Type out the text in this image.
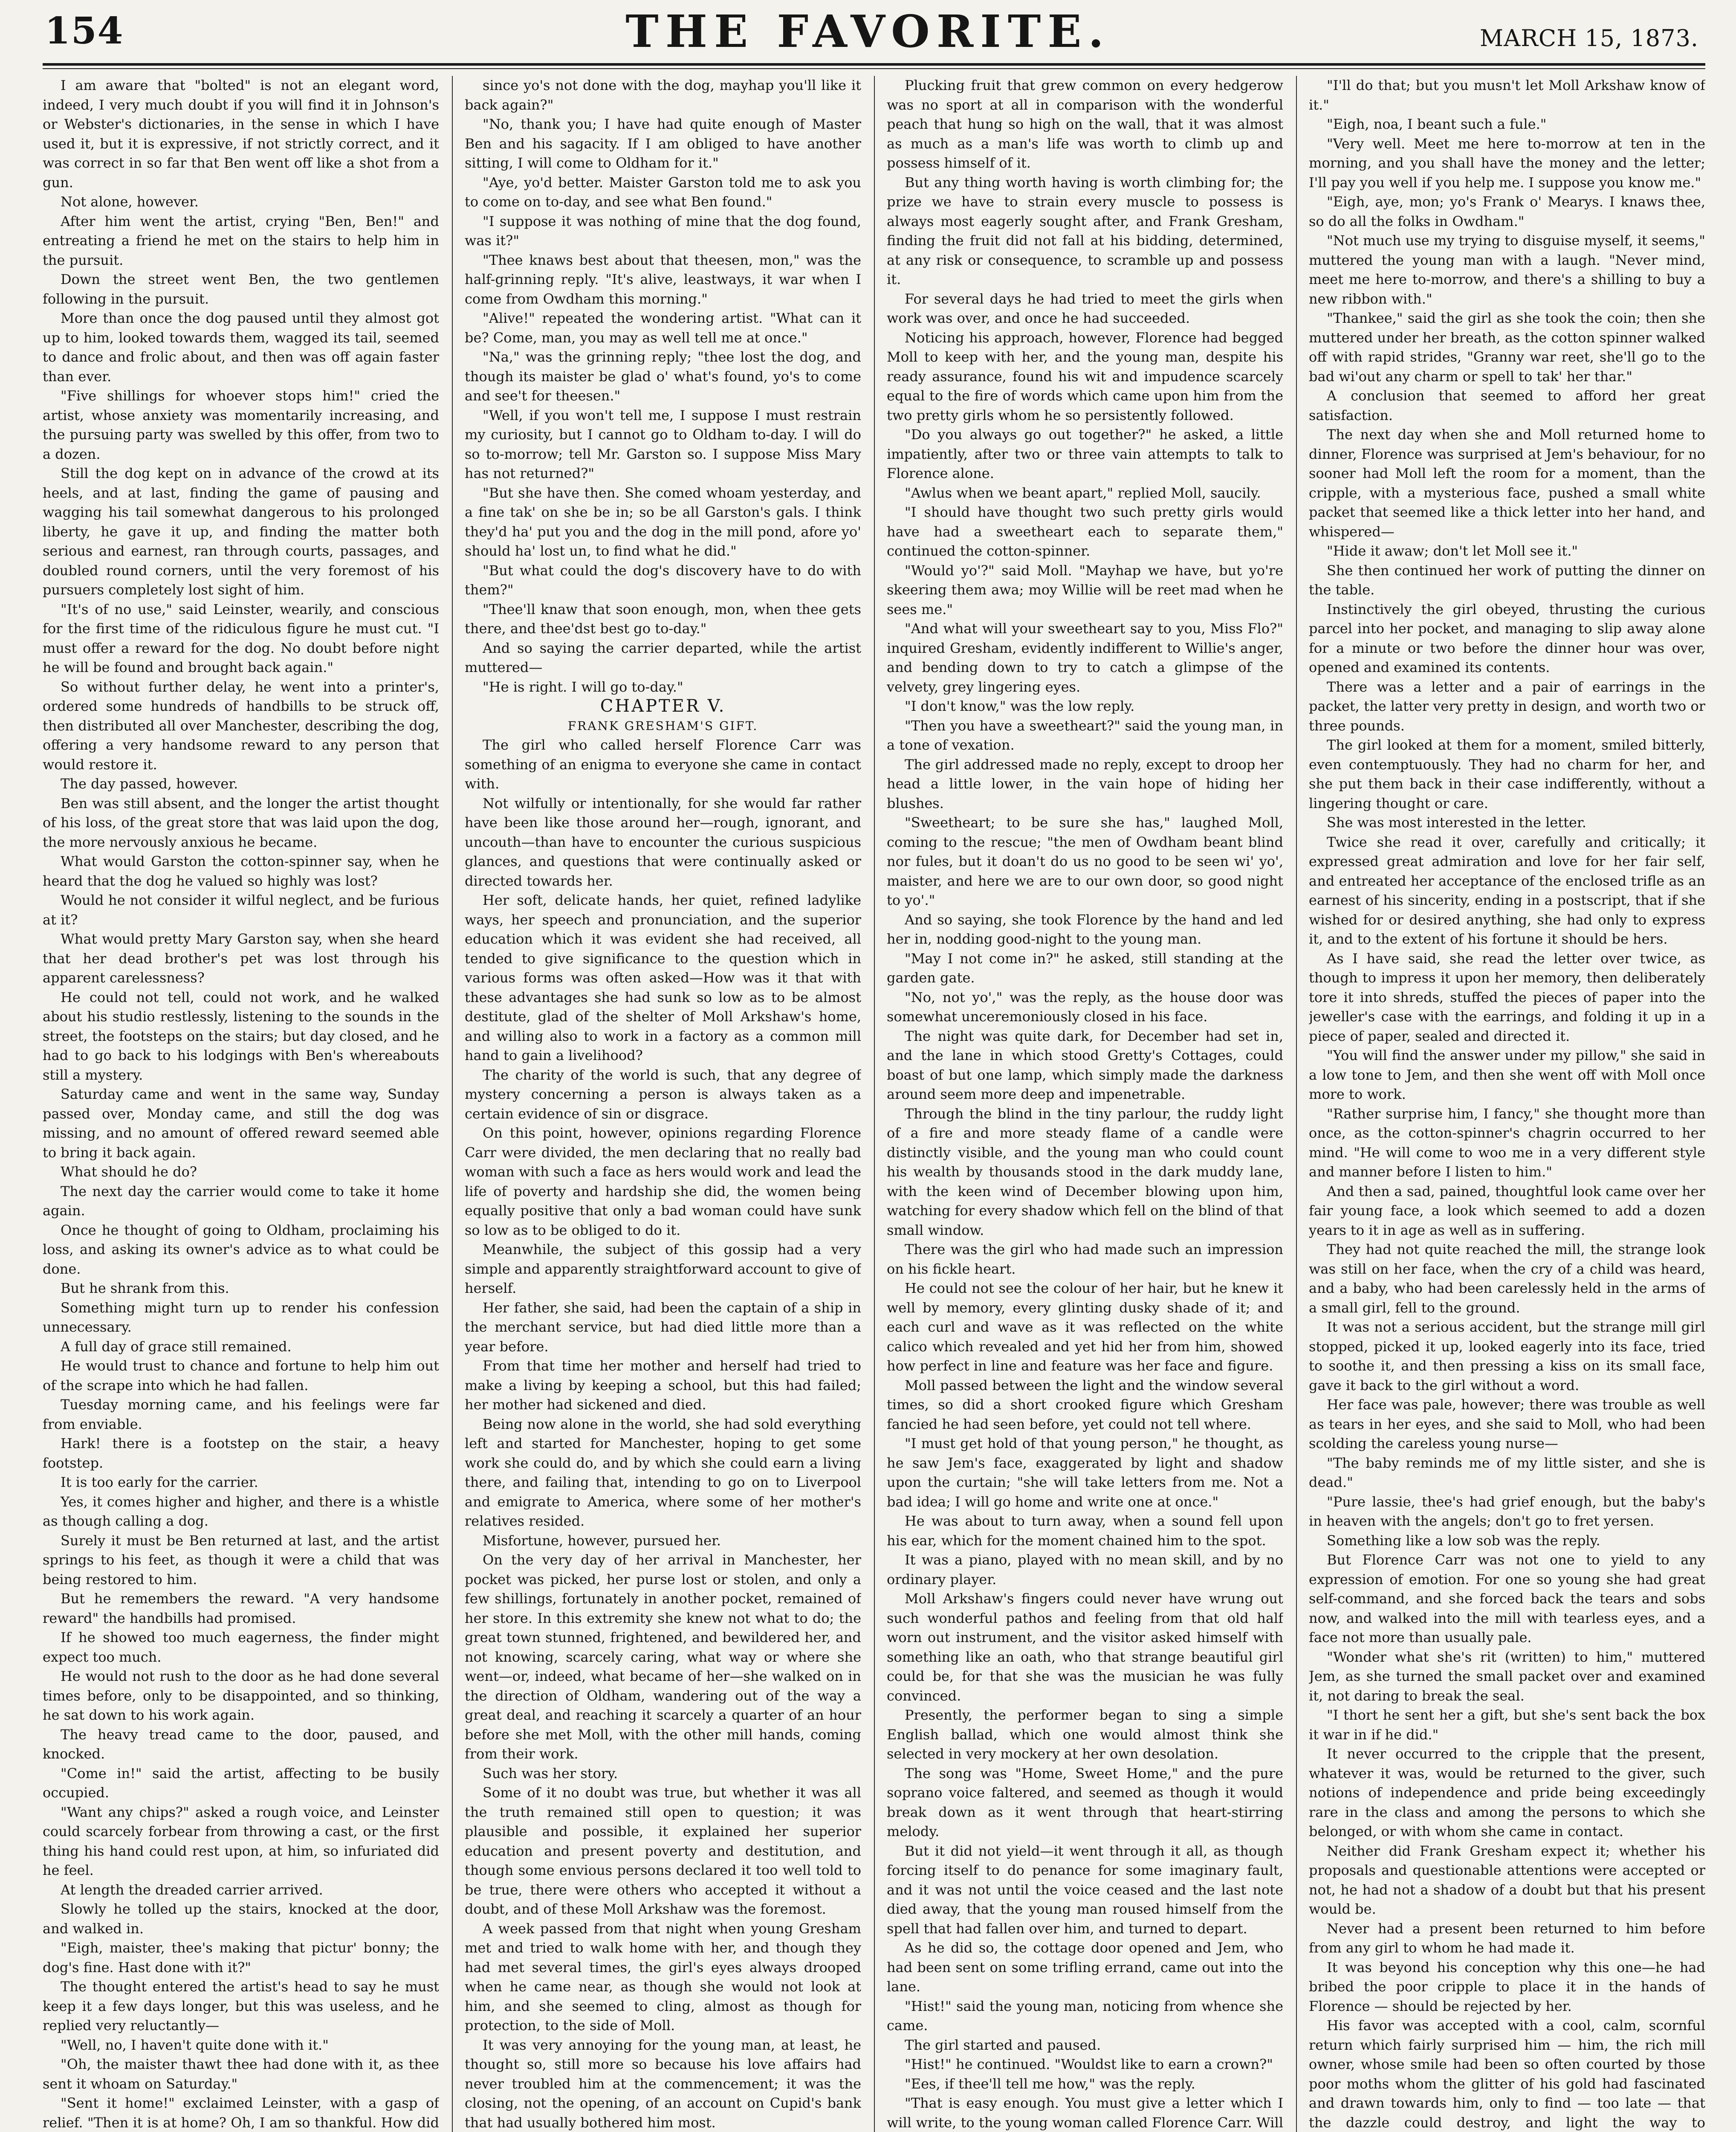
154	THE FAVORITE.	MARCH 15, 1873.

I am aware that "bolted" is not an elegant word, indeed, I very much doubt if you will find it in Johnson's or Webster's dictionaries, in the sense in which I have used it, but it is expressive, if not strictly correct, and it was correct in so far that Ben went off like a shot from a gun.

Not alone, however.

After him went the artist, crying "Ben, Ben!" and entreating a friend he met on the stairs to help him in the pursuit.

Down the street went Ben, the two gentlemen following in the pursuit.

More than once the dog paused until they almost got up to him, looked towards them, wagged its tail, seemed to dance and frolic about, and then was off again faster than ever.

"Five shillings for whoever stops him!" cried the artist, whose anxiety was momentarily increasing, and the pursuing party was swelled by this offer, from two to a dozen.

Still the dog kept on in advance of the crowd at its heels, and at last, finding the game of pausing and wagging his tail somewhat dangerous to his prolonged liberty, he gave it up, and finding the matter both serious and earnest, ran through courts, passages, and doubled round corners, until the very foremost of his pursuers completely lost sight of him.

"It's of no use," said Leinster, wearily, and conscious for the first time of the ridiculous figure he must cut. "I must offer a reward for the dog. No doubt before night he will be found and brought back again."

So without further delay, he went into a printer's, ordered some hundreds of handbills to be struck off, then distributed all over Manchester, describing the dog, offering a very handsome reward to any person that would restore it.

The day passed, however.

Ben was still absent, and the longer the artist thought of his loss, of the great store that was laid upon the dog, the more nervously anxious he became.

What would Garston the cotton-spinner say, when he heard that the dog he valued so highly was lost?

Would he not consider it wilful neglect, and be furious at it?

What would pretty Mary Garston say, when she heard that her dead brother's pet was lost through his apparent carelessness?

He could not tell, could not work, and he walked about his studio restlessly, listening to the sounds in the street, the footsteps on the stairs; but day closed, and he had to go back to his lodgings with Ben's whereabouts still a mystery.

Saturday came and went in the same way, Sunday passed over, Monday came, and still the dog was missing, and no amount of offered reward seemed able to bring it back again.

What should he do?

The next day the carrier would come to take it home again.

Once he thought of going to Oldham, proclaiming his loss, and asking its owner's advice as to what could be done.

But he shrank from this.

Something might turn up to render his confession unnecessary.

A full day of grace still remained.

He would trust to chance and fortune to help him out of the scrape into which he had fallen.

Tuesday morning came, and his feelings were far from enviable.

Hark! there is a footstep on the stair, a heavy footstep.

It is too early for the carrier.

Yes, it comes higher and higher, and there is a whistle as though calling a dog.

Surely it must be Ben returned at last, and the artist springs to his feet, as though it were a child that was being restored to him.

But he remembers the reward. "A very handsome reward" the handbills had promised.

If he showed too much eagerness, the finder might expect too much.

He would not rush to the door as he had done several times before, only to be disappointed, and so thinking, he sat down to his work again.

The heavy tread came to the door, paused, and knocked.

"Come in!" said the artist, affecting to be busily occupied.

"Want any chips?" asked a rough voice, and Leinster could scarcely forbear from throwing a cast, or the first thing his hand could rest upon, at him, so infuriated did he feel.

At length the dreaded carrier arrived.

Slowly he tolled up the stairs, knocked at the door, and walked in.

"Eigh, maister, thee's making that pictur' bonny; the dog's fine. Hast done with it?"

The thought entered the artist's head to say he must keep it a few days longer, but this was useless, and he replied very reluctantly—

"Well, no, I haven't quite done with it."

"Oh, the maister thawt thee had done with it, as thee sent it whoam on Saturday."

"Sent it home!" exclaimed Leinster, with a gasp of relief. "Then it is at home? Oh, I am so thankful. How did

since yo's not done with the dog, mayhap you'll like it back again?"

"No, thank you; I have had quite enough of Master Ben and his sagacity. If I am obliged to have another sitting, I will come to Oldham for it."

"Aye, yo'd better. Maister Garston told me to ask you to come on to-day, and see what Ben found."

"I suppose it was nothing of mine that the dog found, was it?"

"Thee knaws best about that theesen, mon," was the half-grinning reply. "It's alive, leastways, it war when I come from Owdham this morning."

"Alive!" repeated the wondering artist. "What can it be? Come, man, you may as well tell me at once."

"Na," was the grinning reply; "thee lost the dog, and though its maister be glad o' what's found, yo's to come and see't for theesen."

"Well, if you won't tell me, I suppose I must restrain my curiosity, but I cannot go to Oldham to-day. I will do so to-morrow; tell Mr. Garston so. I suppose Miss Mary has not returned?"

"But she have then. She comed whoam yesterday, and a fine tak' on she be in; so be all Garston's gals. I think they'd ha' put you and the dog in the mill pond, afore yo' should ha' lost un, to find what he did."

"But what could the dog's discovery have to do with them?"

"Thee'll knaw that soon enough, mon, when thee gets there, and thee'dst best go to-day."

And so saying the carrier departed, while the artist muttered—

"He is right. I will go to-day."

CHAPTER V.

FRANK GRESHAM'S GIFT.

The girl who called herself Florence Carr was something of an enigma to everyone she came in contact with.

Not wilfully or intentionally, for she would far rather have been like those around her—rough, ignorant, and uncouth—than have to encounter the curious suspicious glances, and questions that were continually asked or directed towards her.

Her soft, delicate hands, her quiet, refined ladylike ways, her speech and pronunciation, and the superior education which it was evident she had received, all tended to give significance to the question which in various forms was often asked—How was it that with these advantages she had sunk so low as to be almost destitute, glad of the shelter of Moll Arkshaw's home, and willing also to work in a factory as a common mill hand to gain a livelihood?

The charity of the world is such, that any degree of mystery concerning a person is always taken as a certain evidence of sin or disgrace.

On this point, however, opinions regarding Florence Carr were divided, the men declaring that no really bad woman with such a face as hers would work and lead the life of poverty and hardship she did, the women being equally positive that only a bad woman could have sunk so low as to be obliged to do it.

Meanwhile, the subject of this gossip had a very simple and apparently straightforward account to give of herself.

Her father, she said, had been the captain of a ship in the merchant service, but had died little more than a year before.

From that time her mother and herself had tried to make a living by keeping a school, but this had failed; her mother had sickened and died.

Being now alone in the world, she had sold everything left and started for Manchester, hoping to get some work she could do, and by which she could earn a living there, and failing that, intending to go on to Liverpool and emigrate to America, where some of her mother's relatives resided.

Misfortune, however, pursued her.

On the very day of her arrival in Manchester, her pocket was picked, her purse lost or stolen, and only a few shillings, fortunately in another pocket, remained of her store. In this extremity she knew not what to do; the great town stunned, frightened, and bewildered her, and not knowing, scarcely caring, what way or where she went—or, indeed, what became of her—she walked on in the direction of Oldham, wandering out of the way a great deal, and reaching it scarcely a quarter of an hour before she met Moll, with the other mill hands, coming from their work.

Such was her story.

Some of it no doubt was true, but whether it was all the truth remained still open to question; it was plausible and possible, it explained her superior education and present poverty and destitution, and though some envious persons declared it too well told to be true, there were others who accepted it without a doubt, and of these Moll Arkshaw was the foremost.

A week passed from that night when young Gresham met and tried to walk home with her, and though they had met several times, the girl's eyes always drooped when he came near, as though she would not look at him, and she seemed to cling, almost as though for protection, to the side of Moll.

It was very annoying for the young man, at least, he thought so, still more so because his love affairs had never troubled him at the commencement; it was the closing, not the opening, of an account on Cupid's bank that had usually bothered him most.

Plucking fruit that grew common on every hedgerow was no sport at all in comparison with the wonderful peach that hung so high on the wall, that it was almost as much as a man's life was worth to climb up and possess himself of it.

But any thing worth having is worth climbing for; the prize we have to strain every muscle to possess is always most eagerly sought after, and Frank Gresham, finding the fruit did not fall at his bidding, determined, at any risk or consequence, to scramble up and possess it.

For several days he had tried to meet the girls when work was over, and once he had succeeded.

Noticing his approach, however, Florence had begged Moll to keep with her, and the young man, despite his ready assurance, found his wit and impudence scarcely equal to the fire of words which came upon him from the two pretty girls whom he so persistently followed.

"Do you always go out together?" he asked, a little impatiently, after two or three vain attempts to talk to Florence alone.

"Awlus when we beant apart," replied Moll, saucily.

"I should have thought two such pretty girls would have had a sweetheart each to separate them," continued the cotton-spinner.

"Would yo'?" said Moll. "Mayhap we have, but yo're skeering them awa; moy Willie will be reet mad when he sees me."

"And what will your sweetheart say to you, Miss Flo?" inquired Gresham, evidently indifferent to Willie's anger, and bending down to try to catch a glimpse of the velvety, grey lingering eyes.

"I don't know," was the low reply.

"Then you have a sweetheart?" said the young man, in a tone of vexation.

The girl addressed made no reply, except to droop her head a little lower, in the vain hope of hiding her blushes.

"Sweetheart; to be sure she has," laughed Moll, coming to the rescue; "the men of Owdham beant blind nor fules, but it doan't do us no good to be seen wi' yo', maister, and here we are to our own door, so good night to yo'."

And so saying, she took Florence by the hand and led her in, nodding good-night to the young man.

"May I not come in?" he asked, still standing at the garden gate.

"No, not yo'," was the reply, as the house door was somewhat unceremoniously closed in his face.

The night was quite dark, for December had set in, and the lane in which stood Gretty's Cottages, could boast of but one lamp, which simply made the darkness around seem more deep and impenetrable.

Through the blind in the tiny parlour, the ruddy light of a fire and more steady flame of a candle were distinctly visible, and the young man who could count his wealth by thousands stood in the dark muddy lane, with the keen wind of December blowing upon him, watching for every shadow which fell on the blind of that small window.

There was the girl who had made such an impression on his fickle heart.

He could not see the colour of her hair, but he knew it well by memory, every glinting dusky shade of it; and each curl and wave as it was reflected on the white calico which revealed and yet hid her from him, showed how perfect in line and feature was her face and figure.

Moll passed between the light and the window several times, so did a short crooked figure which Gresham fancied he had seen before, yet could not tell where.

"I must get hold of that young person," he thought, as he saw Jem's face, exaggerated by light and shadow upon the curtain; "she will take letters from me. Not a bad idea; I will go home and write one at once."

He was about to turn away, when a sound fell upon his ear, which for the moment chained him to the spot.

It was a piano, played with no mean skill, and by no ordinary player.

Moll Arkshaw's fingers could never have wrung out such wonderful pathos and feeling from that old half worn out instrument, and the visitor asked himself with something like an oath, who that strange beautiful girl could be, for that she was the musician he was fully convinced.

Presently, the performer began to sing a simple English ballad, which one would almost think she selected in very mockery at her own desolation.

The song was "Home, Sweet Home," and the pure soprano voice faltered, and seemed as though it would break down as it went through that heart-stirring melody.

But it did not yield—it went through it all, as though forcing itself to do penance for some imaginary fault, and it was not until the voice ceased and the last note died away, that the young man roused himself from the spell that had fallen over him, and turned to depart.

As he did so, the cottage door opened and Jem, who had been sent on some trifling errand, came out into the lane.

"Hist!" said the young man, noticing from whence she came.

The girl started and paused.

"Hist!" he continued. "Wouldst like to earn a crown?"

"Ees, if thee'll tell me how," was the reply.

"That is easy enough. You must give a letter which I will write, to the young woman called Florence Carr. Will

"I'll do that; but you musn't let Moll Arkshaw know of it."

"Eigh, noa, I beant such a fule."

"Very well. Meet me here to-morrow at ten in the morning, and you shall have the money and the letter; I'll pay you well if you help me. I suppose you know me."

"Eigh, aye, mon; yo's Frank o' Mearys. I knaws thee, so do all the folks in Owdham."

"Not much use my trying to disguise myself, it seems," muttered the young man with a laugh. "Never mind, meet me here to-morrow, and there's a shilling to buy a new ribbon with."

"Thankee," said the girl as she took the coin; then she muttered under her breath, as the cotton spinner walked off with rapid strides, "Granny war reet, she'll go to the bad wi'out any charm or spell to tak' her thar."

A conclusion that seemed to afford her great satisfaction.

The next day when she and Moll returned home to dinner, Florence was surprised at Jem's behaviour, for no sooner had Moll left the room for a moment, than the cripple, with a mysterious face, pushed a small white packet that seemed like a thick letter into her hand, and whispered—

"Hide it awaw; don't let Moll see it."

She then continued her work of putting the dinner on the table.

Instinctively the girl obeyed, thrusting the curious parcel into her pocket, and managing to slip away alone for a minute or two before the dinner hour was over, opened and examined its contents.

There was a letter and a pair of earrings in the packet, the latter very pretty in design, and worth two or three pounds.

The girl looked at them for a moment, smiled bitterly, even contemptuously. They had no charm for her, and she put them back in their case indifferently, without a lingering thought or care.

She was most interested in the letter.

Twice she read it over, carefully and critically; it expressed great admiration and love for her fair self, and entreated her acceptance of the enclosed trifle as an earnest of his sincerity, ending in a postscript, that if she wished for or desired anything, she had only to express it, and to the extent of his fortune it should be hers.

As I have said, she read the letter over twice, as though to impress it upon her memory, then deliberately tore it into shreds, stuffed the pieces of paper into the jeweller's case with the earrings, and folding it up in a piece of paper, sealed and directed it.

"You will find the answer under my pillow," she said in a low tone to Jem, and then she went off with Moll once more to work.

"Rather surprise him, I fancy," she thought more than once, as the cotton-spinner's chagrin occurred to her mind. "He will come to woo me in a very different style and manner before I listen to him."

And then a sad, pained, thoughtful look came over her fair young face, a look which seemed to add a dozen years to it in age as well as in suffering.

They had not quite reached the mill, the strange look was still on her face, when the cry of a child was heard, and a baby, who had been carelessly held in the arms of a small girl, fell to the ground.

It was not a serious accident, but the strange mill girl stopped, picked it up, looked eagerly into its face, tried to soothe it, and then pressing a kiss on its small face, gave it back to the girl without a word.

Her face was pale, however; there was trouble as well as tears in her eyes, and she said to Moll, who had been scolding the careless young nurse—

"The baby reminds me of my little sister, and she is dead."

"Pure lassie, thee's had grief enough, but the baby's in heaven with the angels; don't go to fret yersen.

Something like a low sob was the reply.

But Florence Carr was not one to yield to any expression of emotion. For one so young she had great self-command, and she forced back the tears and sobs now, and walked into the mill with tearless eyes, and a face not more than usually pale.

"Wonder what she's rit (written) to him," muttered Jem, as she turned the small packet over and examined it, not daring to break the seal.

"I thort he sent her a gift, but she's sent back the box it war in if he did."

It never occurred to the cripple that the present, whatever it was, would be returned to the giver, such notions of independence and pride being exceedingly rare in the class and among the persons to which she belonged, or with whom she came in contact.

Neither did Frank Gresham expect it; whether his proposals and questionable attentions were accepted or not, he had not a shadow of a doubt but that his present would be.

Never had a present been returned to him before from any girl to whom he had made it.

It was beyond his conception why this one—he had bribed the poor cripple to place it in the hands of Florence — should be rejected by her.

His favor was accepted with a cool, calm, scornful return which fairly surprised him — him, the rich mill owner, whose smile had been so often courted by those poor moths whom the glitter of his gold had fascinated and drawn towards him, only to find — too late — that the dazzle could destroy, and light the way to
